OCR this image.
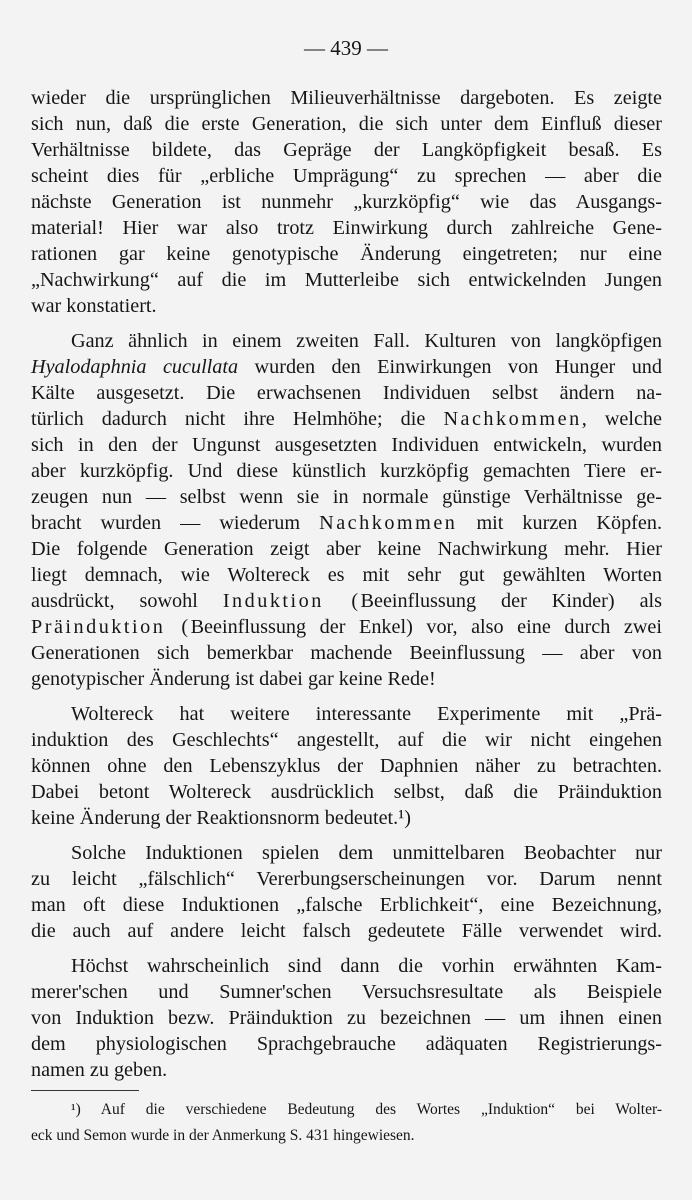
— 439 —
wieder die ursprünglichen Milieuverhältnisse dargeboten. Es zeigte
sich nun, daß die erste Generation, die sich unter dem Einfluß dieser
Verhältnisse bildete, das Gepräge der Langköpfigkeit besaß. Es
scheint dies für „erbliche Umprägung“ zu sprechen — aber die
nächste Generation ist nunmehr „kurzköpfig“ wie das Ausgangs-
material! Hier war also trotz Einwirkung durch zahlreiche Gene-
rationen gar keine genotypische Änderung eingetreten; nur eine
„Nachwirkung“ auf die im Mutterleibe sich entwickelnden Jungen
war konstatiert.
Ganz ähnlich in einem zweiten Fall. Kulturen von langköpfigen
Hyalodaphnia cucullata wurden den Einwirkungen von Hunger und
Kälte ausgesetzt. Die erwachsenen Individuen selbst ändern na-
türlich dadurch nicht ihre Helmhöhe; die Nachkommen, welche
sich in den der Ungunst ausgesetzten Individuen entwickeln, wurden
aber kurzköpfig. Und diese künstlich kurzköpfig gemachten Tiere er-
zeugen nun — selbst wenn sie in normale günstige Verhältnisse ge-
bracht wurden — wiederum Nachkommen mit kurzen Köpfen.
Die folgende Generation zeigt aber keine Nachwirkung mehr. Hier
liegt demnach, wie Woltereck es mit sehr gut gewählten Worten
ausdrückt, sowohl Induktion (Beeinflussung der Kinder) als
Präinduktion (Beeinflussung der Enkel) vor, also eine durch zwei
Generationen sich bemerkbar machende Beeinflussung — aber von
genotypischer Änderung ist dabei gar keine Rede!
Woltereck hat weitere interessante Experimente mit „Prä-
induktion des Geschlechts“ angestellt, auf die wir nicht eingehen
können ohne den Lebenszyklus der Daphnien näher zu betrachten.
Dabei betont Woltereck ausdrücklich selbst, daß die Präinduktion
keine Änderung der Reaktionsnorm bedeutet.¹)
Solche Induktionen spielen dem unmittelbaren Beobachter nur
zu leicht „fälschlich“ Vererbungserscheinungen vor. Darum nennt
man oft diese Induktionen „falsche Erblichkeit“, eine Bezeichnung,
die auch auf andere leicht falsch gedeutete Fälle verwendet wird.
Höchst wahrscheinlich sind dann die vorhin erwähnten Kam-
merer'schen und Sumner'schen Versuchsresultate als Beispiele
von Induktion bezw. Präinduktion zu bezeichnen — um ihnen einen
dem physiologischen Sprachgebrauche adäquaten Registrierungs-
namen zu geben.
¹) Auf die verschiedene Bedeutung des Wortes „Induktion“ bei Wolter-
eck und Semon wurde in der Anmerkung S. 431 hingewiesen.
